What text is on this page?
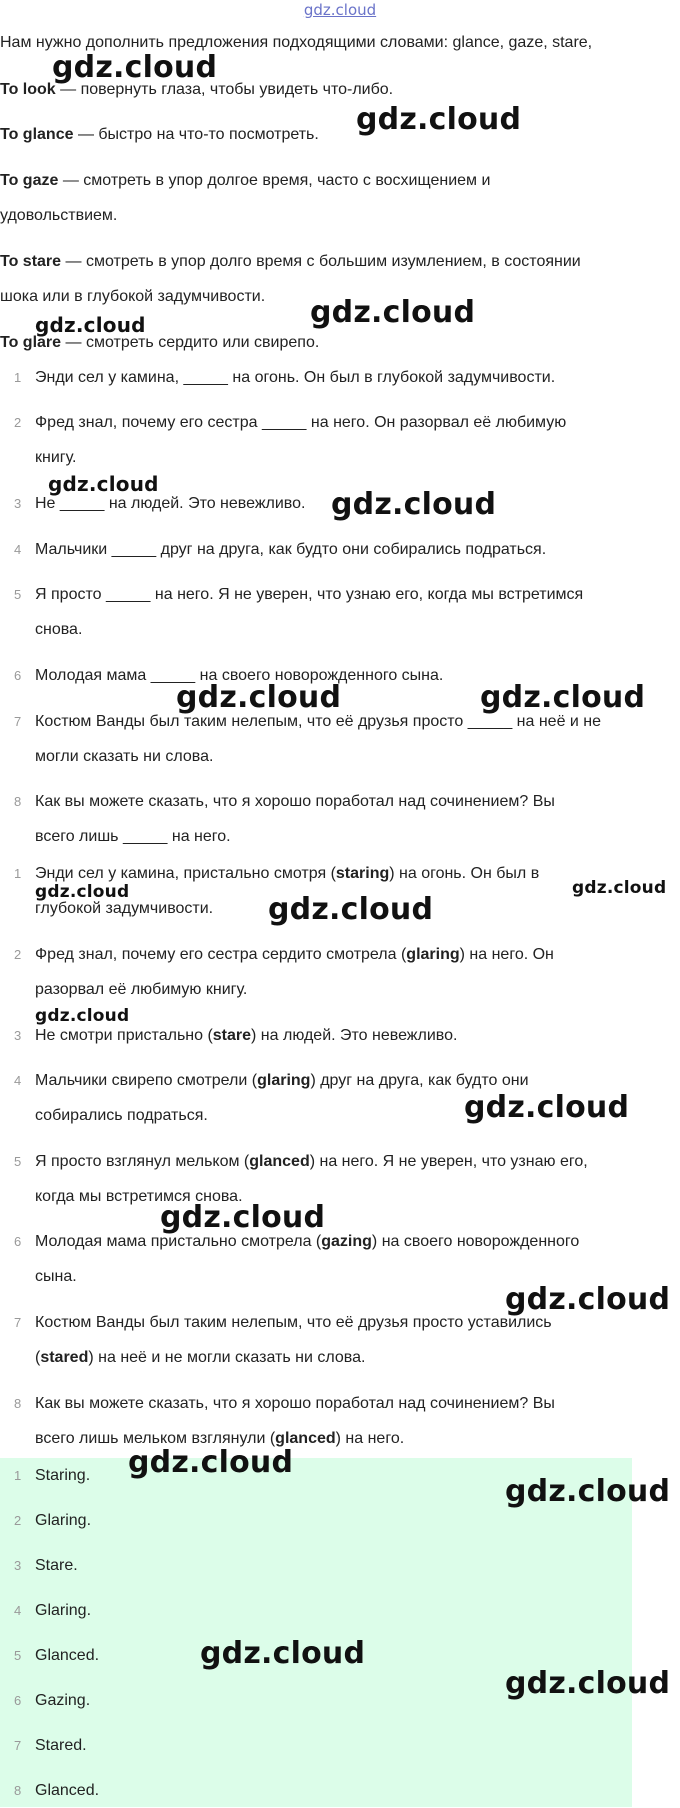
gdz.cloud
Нам нужно дополнить предложения подходящими словами: glance, gaze, stare,
To look — повернуть глаза, чтобы увидеть что-либо.
To glance — быстро на что-то посмотреть.
To gaze — смотреть в упор долгое время, часто с восхищением и
удовольствием.
To stare — смотреть в упор долго время с большим изумлением, в состоянии
шока или в глубокой задумчивости.
To glare — смотреть сердито или свирепо.
1 Энди сел у камина, _____ на огонь. Он был в глубокой задумчивости.
2 Фред знал, почему его сестра _____ на него. Он разорвал её любимую
книгу.
3 Не _____ на людей. Это невежливо.
4 Мальчики _____ друг на друга, как будто они собирались подраться.
5 Я просто _____ на него. Я не уверен, что узнаю его, когда мы встретимся
снова.
6 Молодая мама _____ на своего новорожденного сына.
7 Костюм Ванды был таким нелепым, что её друзья просто _____ на неё и не
могли сказать ни слова.
8 Как вы можете сказать, что я хорошо поработал над сочинением? Вы
всего лишь _____ на него.
1 Энди сел у камина, пристально смотря (staring) на огонь. Он был в
глубокой задумчивости.
2 Фред знал, почему его сестра сердито смотрела (glaring) на него. Он
разорвал её любимую книгу.
3 Не смотри пристально (stare) на людей. Это невежливо.
4 Мальчики свирепо смотрели (glaring) друг на друга, как будто они
собирались подраться.
5 Я просто взглянул мельком (glanced) на него. Я не уверен, что узнаю его,
когда мы встретимся снова.
6 Молодая мама пристально смотрела (gazing) на своего новорожденного
сына.
7 Костюм Ванды был таким нелепым, что её друзья просто уставились
(stared) на неё и не могли сказать ни слова.
8 Как вы можете сказать, что я хорошо поработал над сочинением? Вы
всего лишь мельком взглянули (glanced) на него.
1 Staring.
2 Glaring.
3 Stare.
4 Glaring.
5 Glanced.
6 Gazing.
7 Stared.
8 Glanced.
gdz.cloud
gdz.cloud
gdz.cloud
gdz.cloud
gdz.cloud
gdz.cloud
gdz.cloud	gdz.cloud
gdz.cloud	gdz.cloud
gdz.cloud
gdz.cloud
gdz.cloud
gdz.cloud
gdz.cloud
gdz.cloud
gdz.cloud
gdz.cloud
gdz.cloud
